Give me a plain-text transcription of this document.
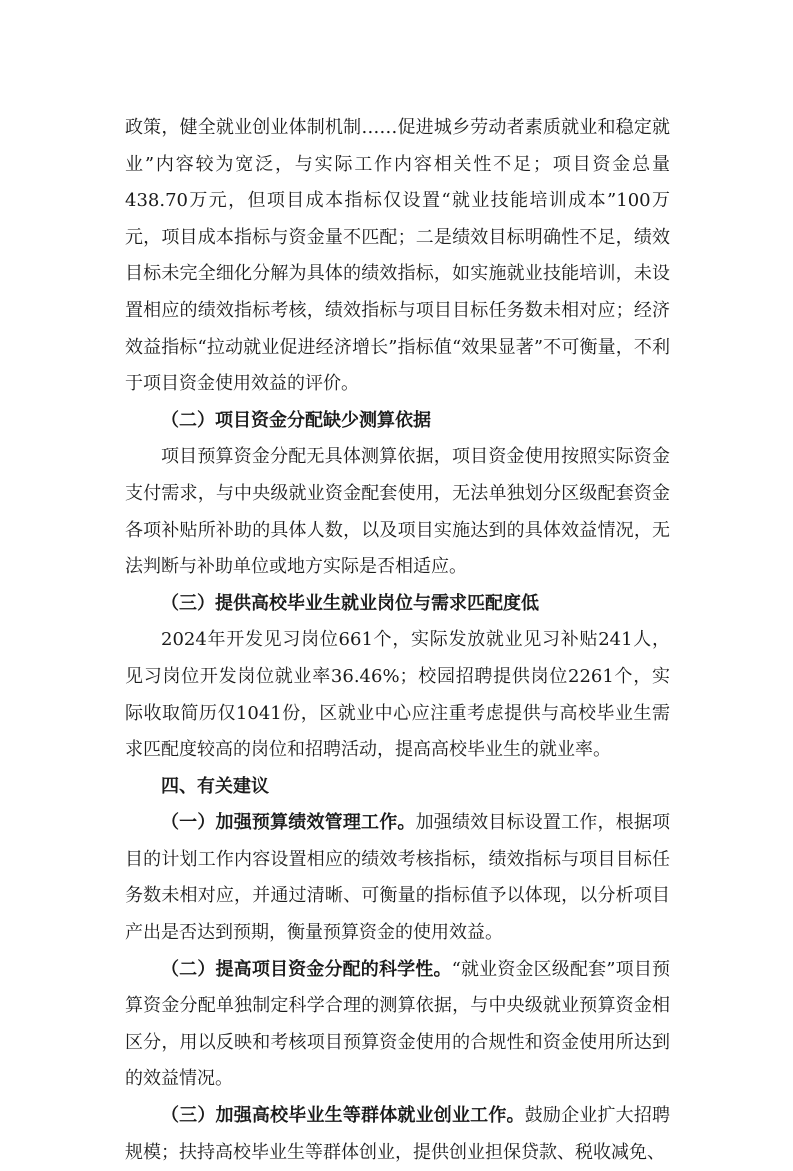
政策，健全就业创业体制机制……促进城乡劳动者素质就业和稳定就业”内容较为宽泛，与实际工作内容相关性不足；项目资金总量438.70万元，但项目成本指标仅设置“就业技能培训成本”100万元，项目成本指标与资金量不匹配；二是绩效目标明确性不足，绩效目标未完全细化分解为具体的绩效指标，如实施就业技能培训，未设置相应的绩效指标考核，绩效指标与项目目标任务数未相对应；经济效益指标“拉动就业促进经济增长”指标值“效果显著”不可衡量，不利于项目资金使用效益的评价。

（二）项目资金分配缺少测算依据

项目预算资金分配无具体测算依据，项目资金使用按照实际资金支付需求，与中央级就业资金配套使用，无法单独划分区级配套资金各项补贴所补助的具体人数，以及项目实施达到的具体效益情况，无法判断与补助单位或地方实际是否相适应。

（三）提供高校毕业生就业岗位与需求匹配度低

2024年开发见习岗位661个，实际发放就业见习补贴241人，见习岗位开发岗位就业率36.46%；校园招聘提供岗位2261个，实际收取简历仅1041份，区就业中心应注重考虑提供与高校毕业生需求匹配度较高的岗位和招聘活动，提高高校毕业生的就业率。

四、有关建议

（一）加强预算绩效管理工作。加强绩效目标设置工作，根据项目的计划工作内容设置相应的绩效考核指标，绩效指标与项目目标任务数未相对应，并通过清晰、可衡量的指标值予以体现，以分析项目产出是否达到预期，衡量预算资金的使用效益。

（二）提高项目资金分配的科学性。“就业资金区级配套”项目预算资金分配单独制定科学合理的测算依据，与中央级就业预算资金相区分，用以反映和考核项目预算资金使用的合规性和资金使用所达到的效益情况。

（三）加强高校毕业生等群体就业创业工作。鼓励企业扩大招聘规模；扶持高校毕业生等群体创业，提供创业担保贷款、税收减免、
